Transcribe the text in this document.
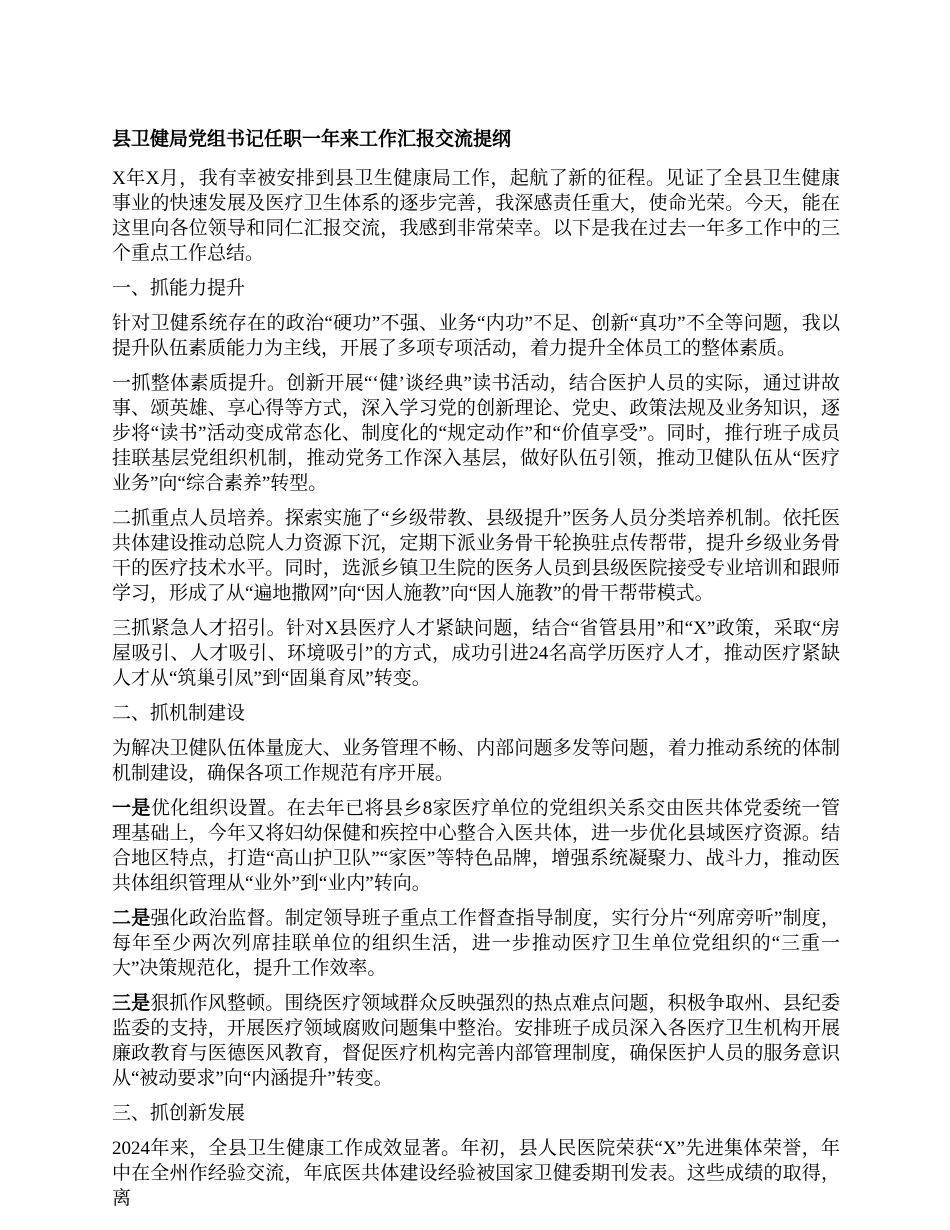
县卫健局党组书记任职一年来工作汇报交流提纲

X年X月，我有幸被安排到县卫生健康局工作，起航了新的征程。见证了全县卫生健康事业的快速发展及医疗卫生体系的逐步完善，我深感责任重大，使命光荣。今天，能在这里向各位领导和同仁汇报交流，我感到非常荣幸。以下是我在过去一年多工作中的三个重点工作总结。

一、抓能力提升

针对卫健系统存在的政治“硬功”不强、业务“内功”不足、创新“真功”不全等问题，我以提升队伍素质能力为主线，开展了多项专项活动，着力提升全体员工的整体素质。

一抓整体素质提升。创新开展“‘健’谈经典”读书活动，结合医护人员的实际，通过讲故事、颂英雄、享心得等方式，深入学习党的创新理论、党史、政策法规及业务知识，逐步将“读书”活动变成常态化、制度化的“规定动作”和“价值享受”。同时，推行班子成员挂联基层党组织机制，推动党务工作深入基层，做好队伍引领，推动卫健队伍从“医疗业务”向“综合素养”转型。

二抓重点人员培养。探索实施了“乡级带教、县级提升”医务人员分类培养机制。依托医共体建设推动总院人力资源下沉，定期下派业务骨干轮换驻点传帮带，提升乡级业务骨干的医疗技术水平。同时，选派乡镇卫生院的医务人员到县级医院接受专业培训和跟师学习，形成了从“遍地撒网”向“因人施教”向“因人施教”的骨干帮带模式。

三抓紧急人才招引。针对X县医疗人才紧缺问题，结合“省管县用”和“X”政策，采取“房屋吸引、人才吸引、环境吸引”的方式，成功引进24名高学历医疗人才，推动医疗紧缺人才从“筑巢引凤”到“固巢育凤”转变。

二、抓机制建设

为解决卫健队伍体量庞大、业务管理不畅、内部问题多发等问题，着力推动系统的体制机制建设，确保各项工作规范有序开展。

一是优化组织设置。在去年已将县乡8家医疗单位的党组织关系交由医共体党委统一管理基础上，今年又将妇幼保健和疾控中心整合入医共体，进一步优化县域医疗资源。结合地区特点，打造“高山护卫队”“家医”等特色品牌，增强系统凝聚力、战斗力，推动医共体组织管理从“业外”到“业内”转向。

二是强化政治监督。制定领导班子重点工作督查指导制度，实行分片“列席旁听”制度，每年至少两次列席挂联单位的组织生活，进一步推动医疗卫生单位党组织的“三重一大”决策规范化，提升工作效率。

三是狠抓作风整顿。围绕医疗领域群众反映强烈的热点难点问题，积极争取州、县纪委监委的支持，开展医疗领域腐败问题集中整治。安排班子成员深入各医疗卫生机构开展廉政教育与医德医风教育，督促医疗机构完善内部管理制度，确保医护人员的服务意识从“被动要求”向“内涵提升”转变。

三、抓创新发展

2024年来，全县卫生健康工作成效显著。年初，县人民医院荣获“X”先进集体荣誉，年中在全州作经验交流，年底医共体建设经验被国家卫健委期刊发表。这些成绩的取得，离
